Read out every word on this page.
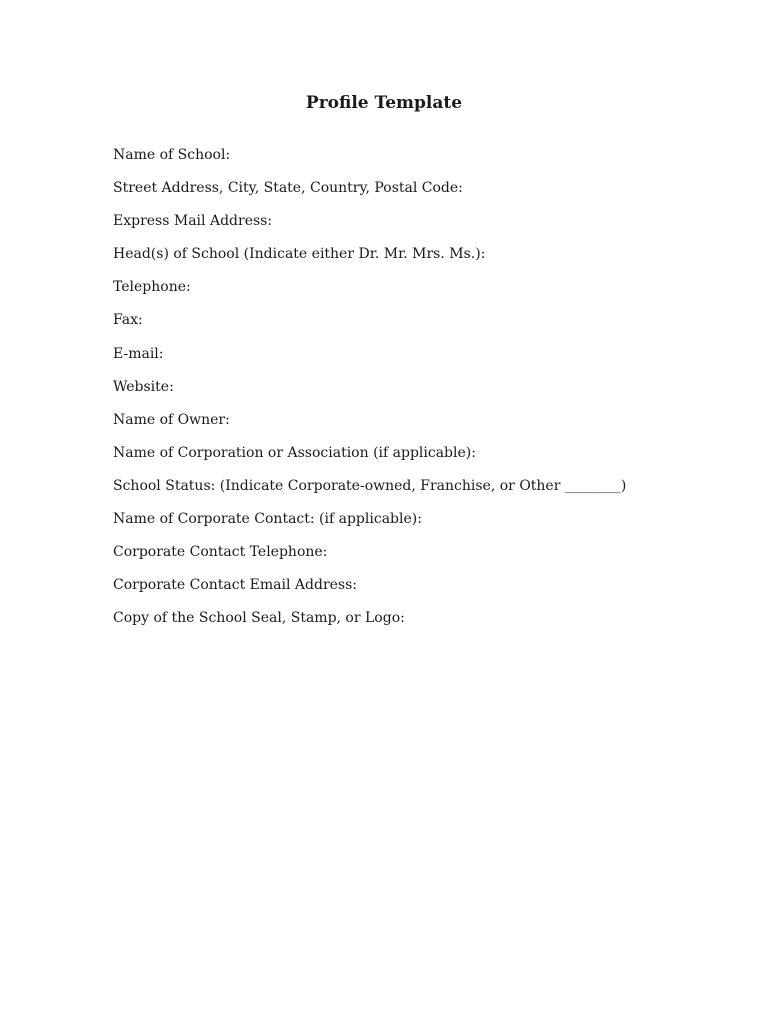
Profile Template
Name of School:
Street Address, City, State, Country, Postal Code:
Express Mail Address:
Head(s) of School (Indicate either Dr. Mr. Mrs. Ms.):
Telephone:
Fax:
E-mail:
Website:
Name of Owner:
Name of Corporation or Association (if applicable):
School Status: (Indicate Corporate-owned, Franchise, or Other ________)
Name of Corporate Contact: (if applicable):
Corporate Contact Telephone:
Corporate Contact Email Address:
Copy of the School Seal, Stamp, or Logo:
